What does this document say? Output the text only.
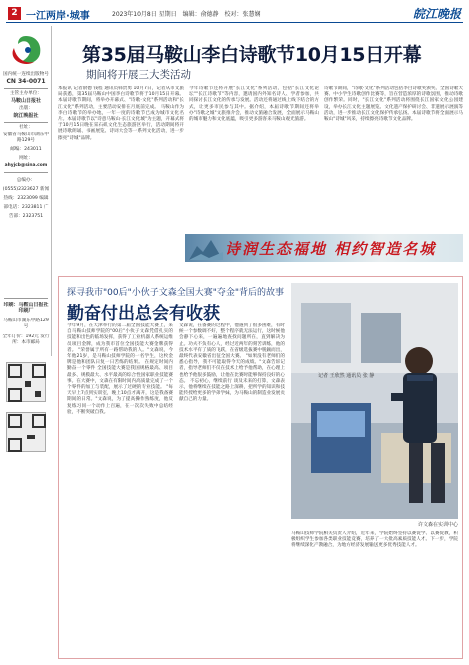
2 一江两岸·城事	2023年10月8日 星期日 编辑：俞德静 校对：张慧娴	皖江晚报
国内统一连续出版物号
CN 34-0071
主管主办单位：
马鞍山日报社
出版：
皖江晚报社
社址：
安徽省马鞍山市湖东中路129号
邮编：243011
网址：
ahyjcb@sina.com
总编办：(0555)2323627 新闻热线：2323099 编辑部电话：2323811 广告部：2323751
印刷：马鞍山日报社印刷厂
马鞍山市湖东中路129号
全年订价：192元 发行所：本市邮局
第35届马鞍山李白诗歌节10月15日开幕
期间将开展三大类活动
本报讯 记者俞德 钱程 通讯员韩贵勇 10月7日，记者从市文旅局获悉，第35届马鞍山中国李白诗歌节将于10月15日开幕。本届诗歌节期间，将举办开幕式、"诗歌·文化"系列活动和"长江文化"系列活动，主要活动安排在月底前完成。 马鞍山作为李白诗歌节的举办地，一年一度的诗歌节已成为城市文化名片。本届诗歌节以"诗意马鞍山·长江文化城"为主题，开幕式将于10月15日晚在采石矶文化生态旅游区举行，活动期间将开展诗歌朗诵、书画展览、诗词大会等一系列文化活动，进一步擦亮"诗城"品牌。
今年诗歌节还将开展"长江文化"系列活动，包括"长江文化论坛""长江诗歌节"等内容，邀请国内外知名诗人、学者参加，共同探讨长江文化的传承与发展。活动还将通过线上线下结合的方式，让更多市民参与其中。据介绍，本届诗歌节期间还将举办"诗歌之城"文旅推介会，推动文旅融合发展，全面展示马鞍山的城市魅力和文化底蕴，吸引更多游客来马鞍山观光旅游。
诗歌节期间，"诗歌·文化"系列活动包括李白诗歌奖颁奖、全国诗歌大赛、中小学生诗歌创作比赛等，旨在营造浓厚的诗歌氛围，推动诗歌创作繁荣。同时，"长江文化"系列活动将围绕长江国家文化公园建设，举办长江文化主题展览、文化遗产保护研讨会、非遗展示展演等活动，进一步推动长江文化保护传承弘扬。本届诗歌节将全面展示马鞍山"诗城"风采，持续擦亮诗歌节文化品牌。
诗润生态福地 相约智造名城
探寻我市"00后"小伙子文森全国大赛"夺金"背后的故事
勤奋付出总会有收获
今年9月，在天津举行的第二届全国技能大赛上，来自马鞍山技师学院的"00后"小伙子文森凭借扎实的技能和出色的临场发挥，获得了工业机器人系统运维员项目金牌，成为我市首位全国技能大赛金牌获得者。 "荣誉属于所有一路帮助我的人。"文森说，今年他21岁，是马鞍山技师学院的一名学生，这枚金牌是他和团队日复一日苦练的结果。 在规定时间内勤奋一个零件 全国技能大赛是我国规格最高、项目最多、规模最大、水平最高的综合性国家职业技能赛事。在大赛中，文森在有限时间内高质量完成了一个个零件的加工与装配，展示了过硬的专业技能。 "每天早上7点到实训室，晚上10点才离开，这是我备赛期间的日常。"文森说，为了提高操作熟练度，他反复练习同一个动作上百遍，在一次次失败中总结经验，不断突破自我。
文森说，在备赛的过程中，他遇到了很多困难，有时候一个参数调不好，整个程序就无法运行，这时候他会静下心来，一遍遍地查找问题所在，直到解决为止。功夫不负有心人，经过近两年的刻苦训练，他的技术水平有了质的飞跃，在省级选拔赛中脱颖而出，最终代表安徽省出征全国大赛。 "如果没有老师们的悉心指导，我不可能取得今天的成绩。"文森告诉记者，指导老师们不仅在技术上给予他帮助，在心理上也给予他很多鼓励，让他在比赛时能够保持良好的心态。 不忘初心，继续前行 谈及未来的打算，文森表示，他将继续在技能之路上深耕，把所学的知识和技能传授给更多的学弟学妹，为马鞍山的制造业发展贡献自己的力量。
许文森在实训中心
马鞍山技师学院相关负责人介绍，近年来，学院始终坚持以赛促学、以赛促教，积极组织学生参加各类职业技能竞赛，培养了一大批高素质技能人才。下一步，学院将继续深化产教融合，为地方经济发展输送更多优秀技能人才。
记者 王欣然 通讯员 张 静
